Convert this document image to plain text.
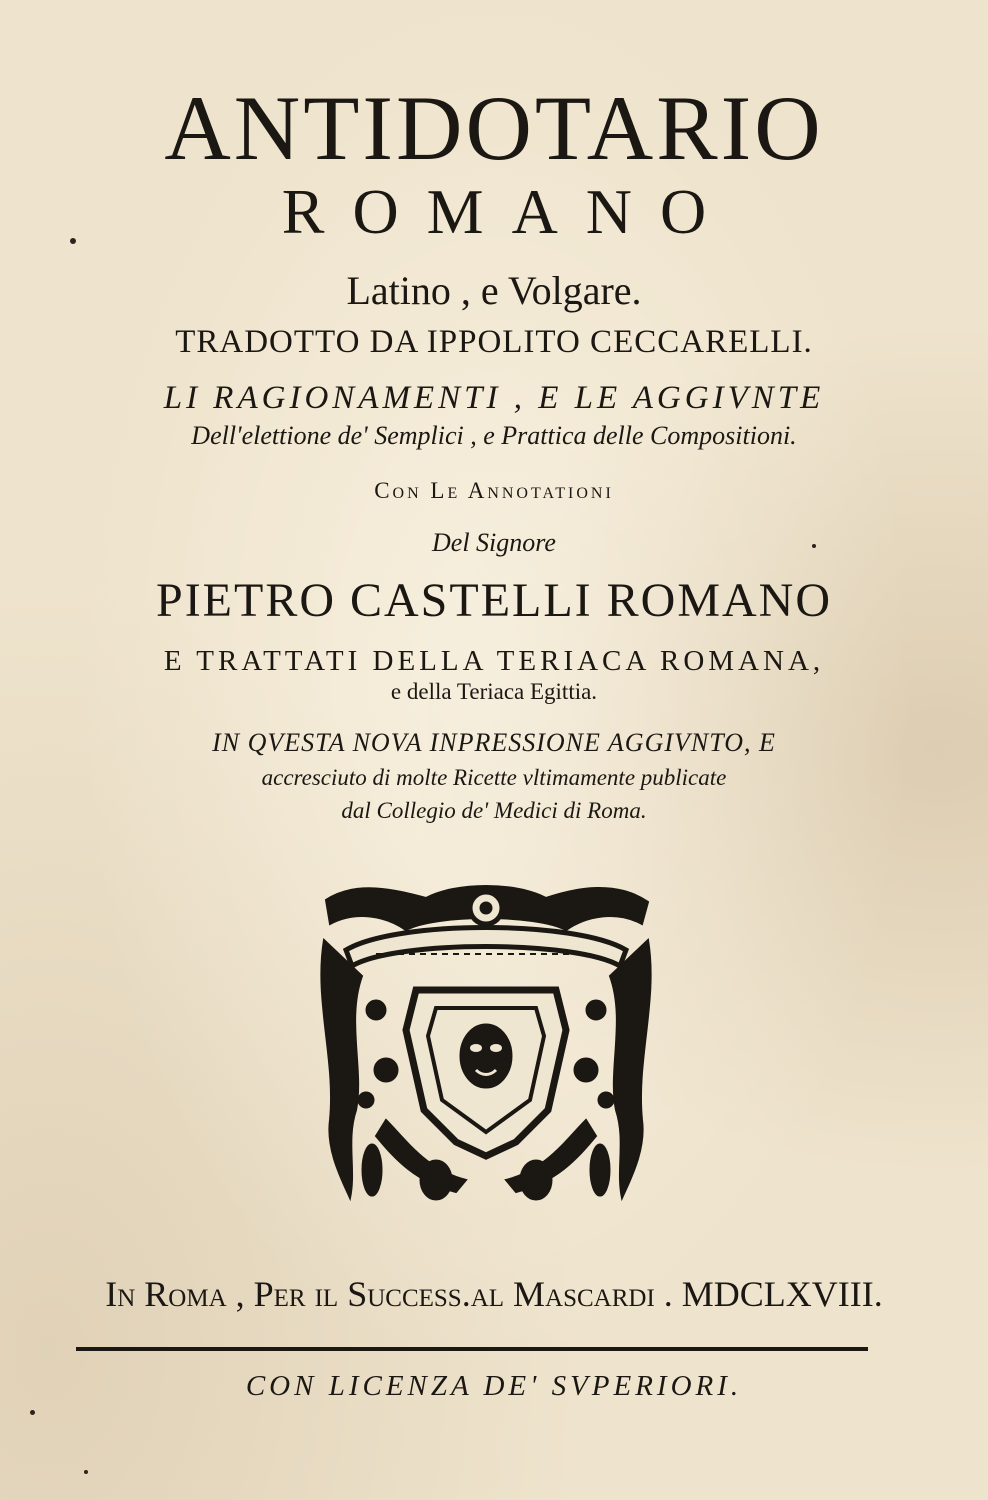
ANTIDOTARIO
ROMANO
Latino , e Volgare.
TRADOTTO DA IPPOLITO CECCARELLI.
LI RAGIONAMENTI , E LE AGGIVNTE
Dell'elettione de' Semplici , e Prattica delle Compositioni.
Con Le Annotationi
Del Signore
PIETRO CASTELLI ROMANO
E TRATTATI DELLA TERIACA ROMANA,
e della Teriaca Egittia.
IN QVESTA NOVA INPRESSIONE AGGIVNTO, E
accresciuto di molte Ricette vltimamente publicate
dal Collegio de' Medici di Roma.
In Roma , Per il Success.al Mascardi . MDCLXVIII.
CON LICENZA DE' SVPERIORI.
